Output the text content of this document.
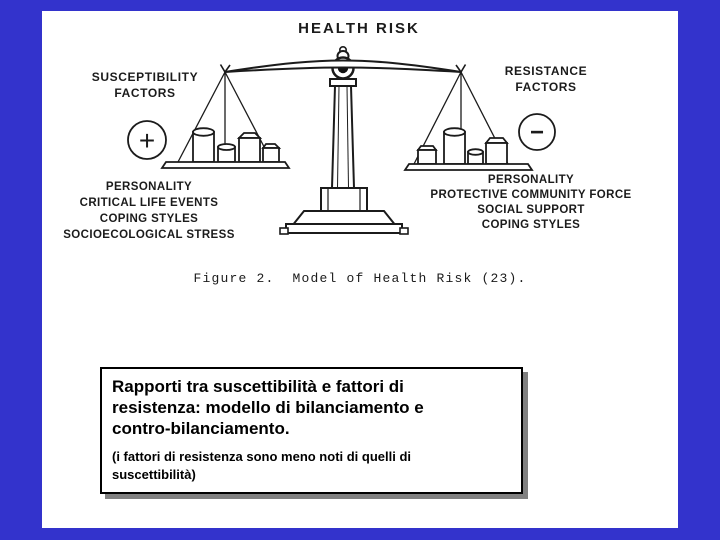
HEALTH RISK
+	−
SUSCEPTIBILITY
FACTORS
RESISTANCE
FACTORS
PERSONALITY
CRITICAL LIFE EVENTS
COPING STYLES
SOCIOECOLOGICAL STRESS
PERSONALITY
PROTECTIVE COMMUNITY FORCE
SOCIAL SUPPORT
COPING STYLES
Figure 2.  Model of Health Risk (23).
Rapporti tra suscettibilità e fattori di
resistenza: modello di bilanciamento e
contro-bilanciamento.
(i fattori di resistenza sono meno noti di quelli di
suscettibilità)
